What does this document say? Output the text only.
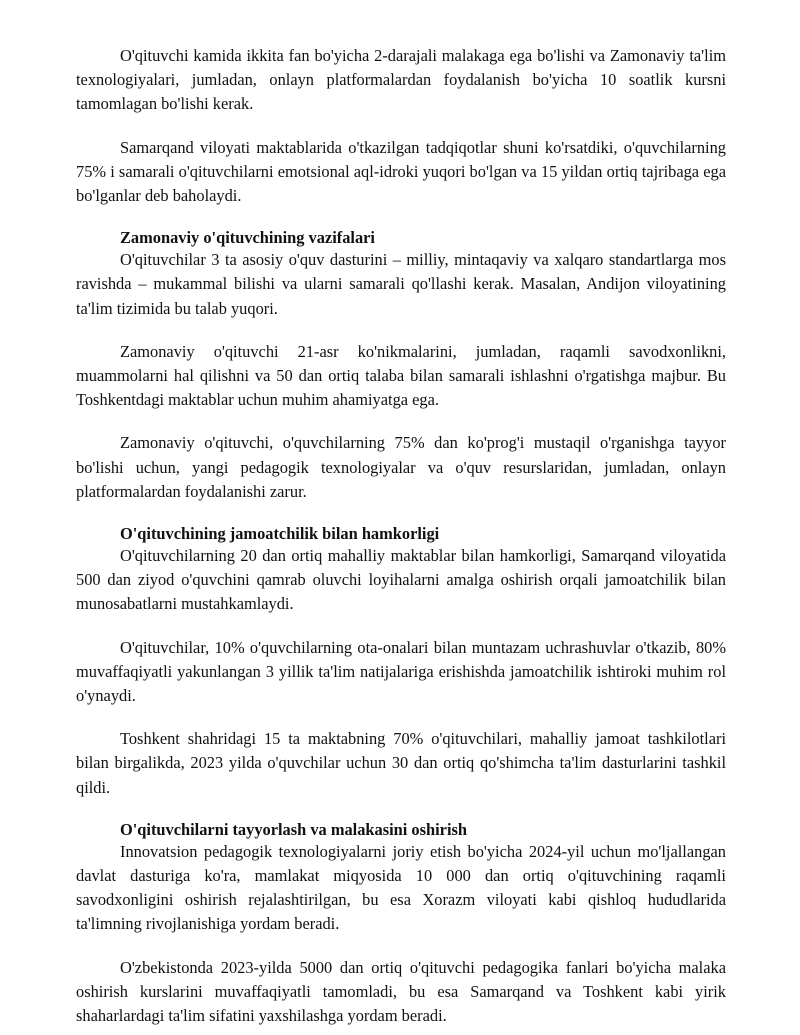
O'qituvchi kamida ikkita fan bo'yicha 2-darajali malakaga ega bo'lishi va Zamonaviy ta'lim texnologiyalari, jumladan, onlayn platformalardan foydalanish bo'yicha 10 soatlik kursni tamomlagan bo'lishi kerak.

Samarqand viloyati maktablarida o'tkazilgan tadqiqotlar shuni ko'rsatdiki, o'quvchilarning 75% i samarali o'qituvchilarni emotsional aql-idroki yuqori bo'lgan va 15 yildan ortiq tajribaga ega bo'lganlar deb baholaydi.

Zamonaviy o'qituvchining vazifalari

O'qituvchilar 3 ta asosiy o'quv dasturini – milliy, mintaqaviy va xalqaro standartlarga mos ravishda – mukammal bilishi va ularni samarali qo'llashi kerak. Masalan, Andijon viloyatining ta'lim tizimida bu talab yuqori.

Zamonaviy o'qituvchi 21-asr ko'nikmalarini, jumladan, raqamli savodxonlikni, muammolarni hal qilishni va 50 dan ortiq talaba bilan samarali ishlashni o'rgatishga majbur. Bu Toshkentdagi maktablar uchun muhim ahamiyatga ega.

Zamonaviy o'qituvchi, o'quvchilarning 75% dan ko'prog'i mustaqil o'rganishga tayyor bo'lishi uchun, yangi pedagogik texnologiyalar va o'quv resurslaridan, jumladan, onlayn platformalardan foydalanishi zarur.

O'qituvchining jamoatchilik bilan hamkorligi

O'qituvchilarning 20 dan ortiq mahalliy maktablar bilan hamkorligi, Samarqand viloyatida 500 dan ziyod o'quvchini qamrab oluvchi loyihalarni amalga oshirish orqali jamoatchilik bilan munosabatlarni mustahkamlaydi.

O'qituvchilar, 10% o'quvchilarning ota-onalari bilan muntazam uchrashuvlar o'tkazib, 80% muvaffaqiyatli yakunlangan 3 yillik ta'lim natijalariga erishishda jamoatchilik ishtiroki muhim rol o'ynaydi.

Toshkent shahridagi 15 ta maktabning 70% o'qituvchilari, mahalliy jamoat tashkilotlari bilan birgalikda, 2023 yilda o'quvchilar uchun 30 dan ortiq qo'shimcha ta'lim dasturlarini tashkil qildi.

O'qituvchilarni tayyorlash va malakasini oshirish

Innovatsion pedagogik texnologiyalarni joriy etish bo'yicha 2024-yil uchun mo'ljallangan davlat dasturiga ko'ra, mamlakat miqyosida 10 000 dan ortiq o'qituvchining raqamli savodxonligini oshirish rejalashtirilgan, bu esa Xorazm viloyati kabi qishloq hududlarida ta'limning rivojlanishiga yordam beradi.

O'zbekistonda 2023-yilda 5000 dan ortiq o'qituvchi pedagogika fanlari bo'yicha malaka oshirish kurslarini muvaffaqiyatli tamomladi, bu esa Samarqand va Toshkent kabi yirik shaharlardagi ta'lim sifatini yaxshilashga yordam beradi.
